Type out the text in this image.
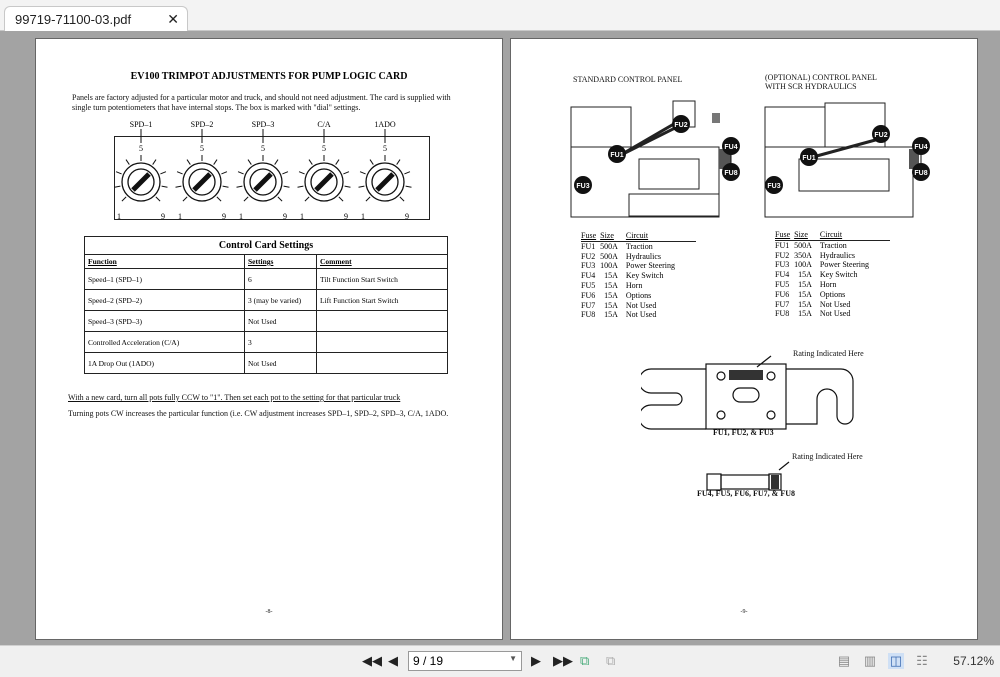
99719-71100-03.pdf	✕
EV100 TRIMPOT ADJUSTMENTS FOR PUMP LOGIC CARD
Panels are factory adjusted for a particular motor and truck, and should not need adjustment. The card is supplied with single turn potentiometers that have internal stops. The box is marked with "dial" settings.
SPD–1
5
1	9
SPD–2
5
1	9
SPD–3
5
1	9
C/A
5
1	9
1ADO
5
1	9
Control Card Settings		
Function	Settings	Comment
Speed–1 (SPD–1)	6	Tilt Function Start Switch
Speed–2 (SPD–2)	3 (may be varied)	Lift Function Start Switch
Speed–3 (SPD–3)	Not Used	
Controlled Acceleration (C/A)	3	
1A Drop Out (1ADO)	Not Used	
With a new card, turn all pots fully CCW to "1". Then set each pot to the setting for that particular truck
Turning pots CW increases the particular function (i.e. CW adjustment increases SPD–1, SPD–2, SPD–3, C/A, 1ADO.
-8-
STANDARD CONTROL PANEL	(OPTIONAL) CONTROL PANEL
WITH SCR HYDRAULICS
FU1
FU2
FU3
FU4
FU8
FU1
FU2
FU3
FU4
FU8
Fuse	Size	Circuit
FU1	500A	Traction
FU2	500A	Hydraulics
FU3	100A	Power Steering
FU4	15A	Key Switch
FU5	15A	Horn
FU6	15A	Options
FU7	15A	Not Used
FU8	15A	Not Used
Fuse	Size	Circuit
FU1	500A	Traction
FU2	350A	Hydraulics
FU3	100A	Power Steering
FU4	15A	Key Switch
FU5	15A	Horn
FU6	15A	Options
FU7	15A	Not Used
FU8	15A	Not Used
Rating Indicated Here
FU1, FU2, & FU3
Rating Indicated Here
FU4, FU5, FU6, FU7, & FU8
-9-
◀◀ ◀	9 / 19	▼ ▶ ▶▶ ⧉ ⧉	▤ ▥ ◫ ☷ 57.12%
